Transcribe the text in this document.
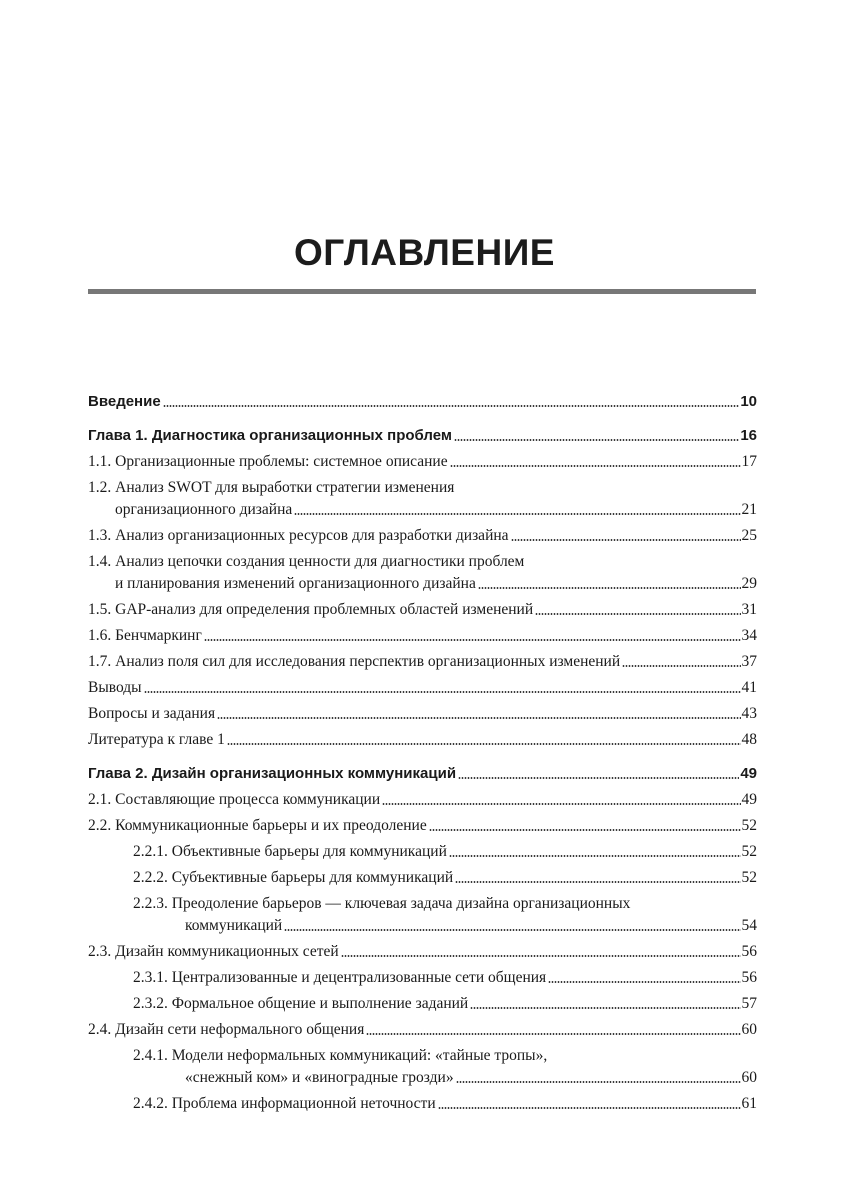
ОГЛАВЛЕНИЕ
Введение	10
Глава 1. Диагностика организационных проблем	16
1.1. Организационные проблемы: системное описание	17
1.2. Анализ SWOT для выработки стратегии изменения
организационного дизайна	21
1.3. Анализ организационных ресурсов для разработки дизайна	25
1.4. Анализ цепочки создания ценности для диагностики проблем
и планирования изменений организационного дизайна	29
1.5. GAP-анализ для определения проблемных областей изменений	31
1.6. Бенчмаркинг	34
1.7. Анализ поля сил для исследования перспектив организационных изменений	37
Выводы	41
Вопросы и задания	43
Литература к главе 1	48
Глава 2. Дизайн организационных коммуникаций	49
2.1. Составляющие процесса коммуникации	49
2.2. Коммуникационные барьеры и их преодоление	52
2.2.1. Объективные барьеры для коммуникаций	52
2.2.2. Субъективные барьеры для коммуникаций	52
2.2.3. Преодоление барьеров — ключевая задача дизайна организационных
коммуникаций	54
2.3. Дизайн коммуникационных сетей	56
2.3.1. Централизованные и децентрализованные сети общения	56
2.3.2. Формальное общение и выполнение заданий	57
2.4. Дизайн сети неформального общения	60
2.4.1. Модели неформальных коммуникаций: «тайные тропы»,
«снежный ком» и «виноградные грозди»	60
2.4.2. Проблема информационной неточности	61
